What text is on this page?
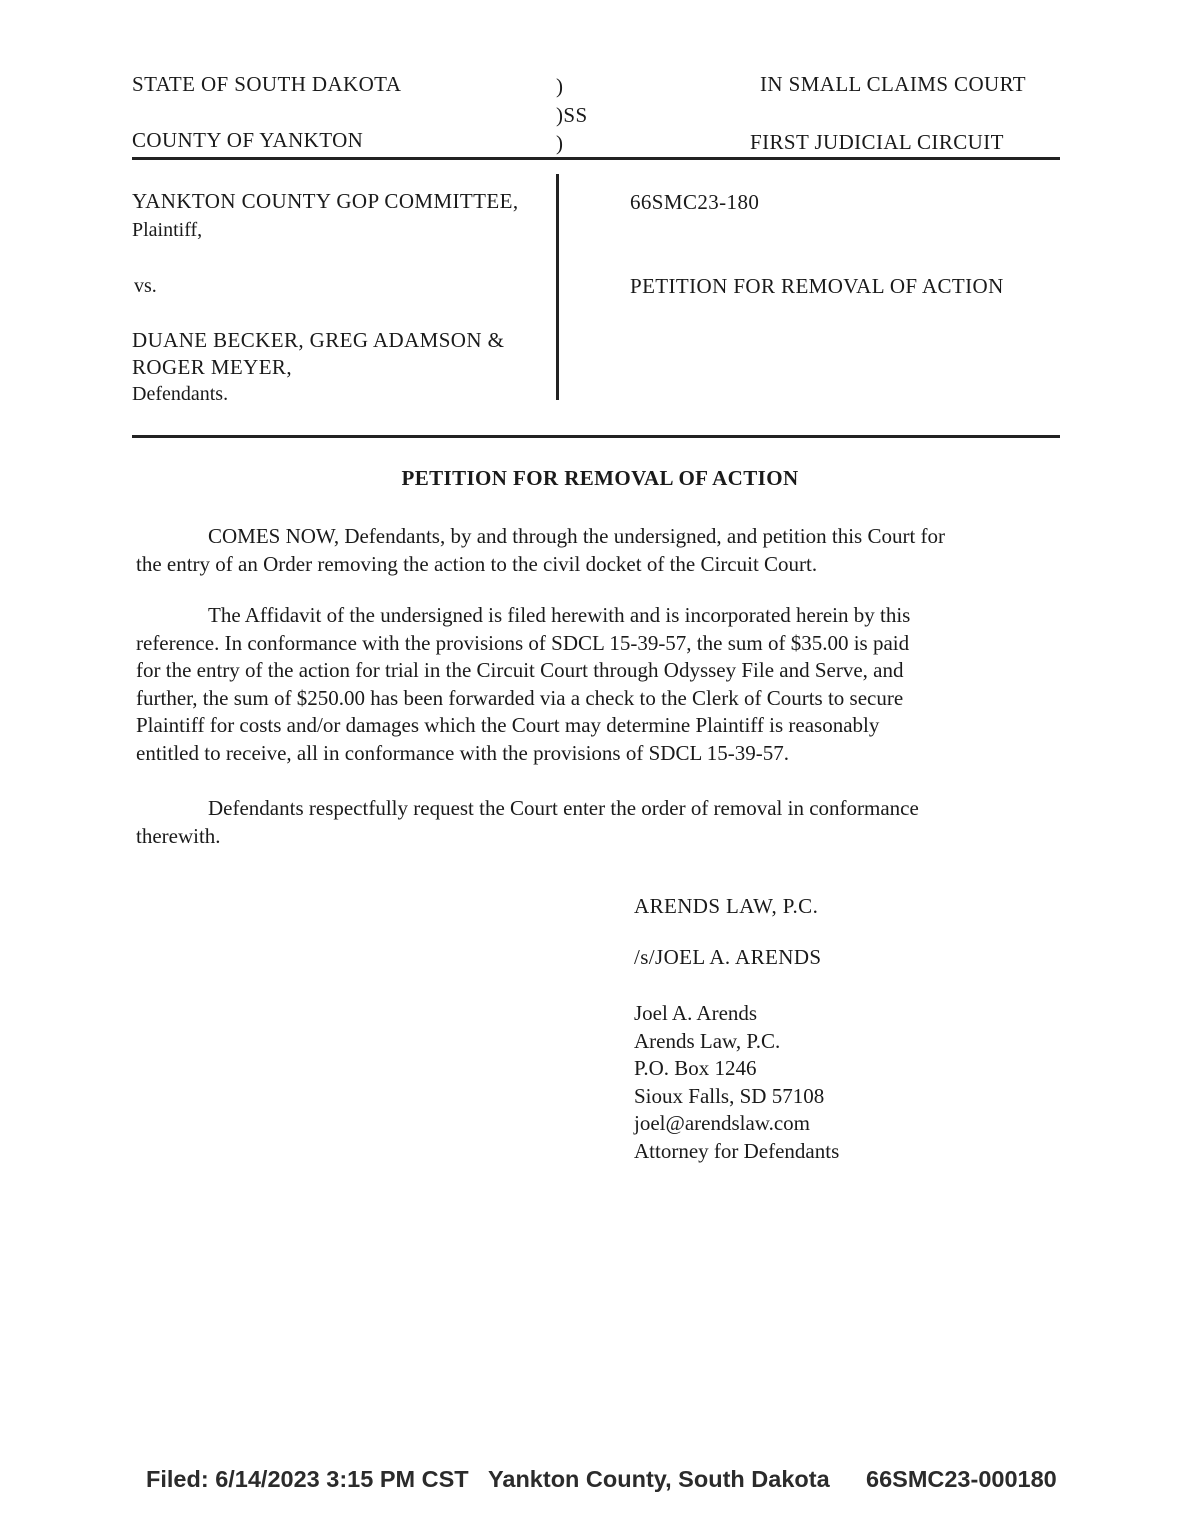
STATE OF SOUTH DAKOTA	)
)SS
)
COUNTY OF YANKTON
IN SMALL CLAIMS COURT
FIRST JUDICIAL CIRCUIT
YANKTON COUNTY GOP COMMITTEE,
Plaintiff,
vs.
DUANE BECKER, GREG ADAMSON &
ROGER MEYER,
Defendants.
66SMC23-180
PETITION FOR REMOVAL OF ACTION
PETITION FOR REMOVAL OF ACTION

COMES NOW, Defendants, by and through the undersigned, and petition this Court for
the entry of an Order removing the action to the civil docket of the Circuit Court.

The Affidavit of the undersigned is filed herewith and is incorporated herein by this
reference. In conformance with the provisions of SDCL 15-39-57, the sum of $35.00 is paid
for the entry of the action for trial in the Circuit Court through Odyssey File and Serve, and
further, the sum of $250.00 has been forwarded via a check to the Clerk of Courts to secure
Plaintiff for costs and/or damages which the Court may determine Plaintiff is reasonably
entitled to receive, all in conformance with the provisions of SDCL 15-39-57.

Defendants respectfully request the Court enter the order of removal in conformance
therewith.

ARENDS LAW, P.C.
/s/JOEL A. ARENDS
Joel A. Arends
Arends Law, P.C.
P.O. Box 1246
Sioux Falls, SD 57108
joel@arendslaw.com
Attorney for Defendants
Filed: 6/14/2023 3:15 PM CST Yankton County, South Dakota 66SMC23-000180
